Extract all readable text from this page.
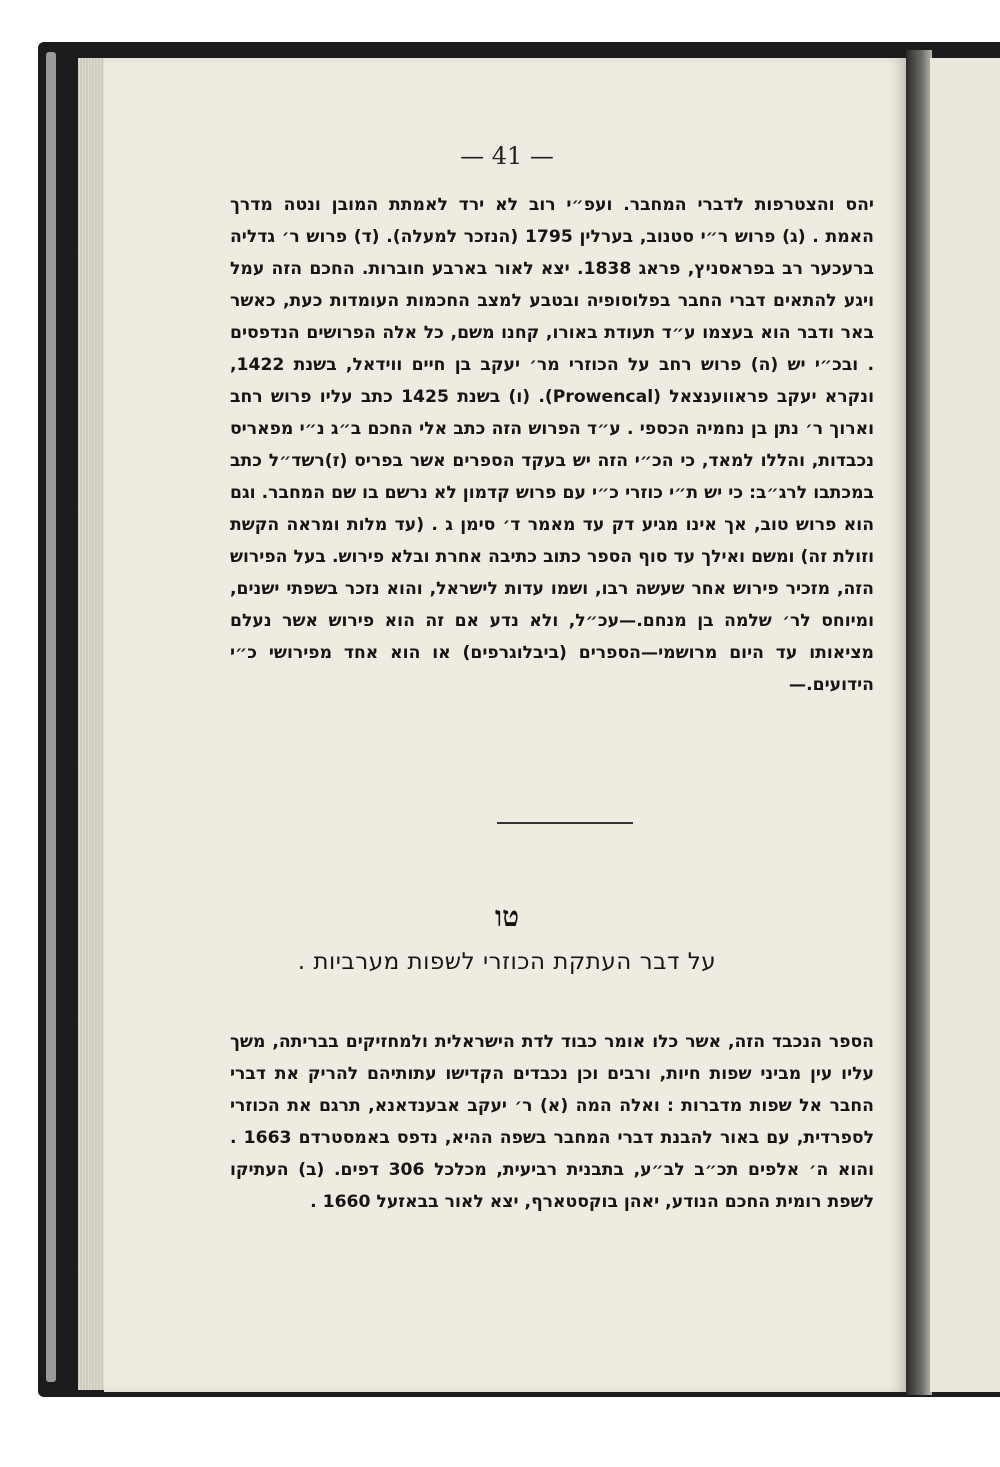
— 41 —
יהס והצטרפות לדברי המחבר. ועפ״י רוב לא ירד לאמתת המובן ונטה מדרך האמת . (ג) פרוש ר״י סטנוב, בערלין 1795 (הנזכר למעלה). (ד) פרוש ר׳ גדליה ברעכער רב בפראסניץ, פראג 1838. יצא לאור בארבע חוברות. החכם הזה עמל ויגע להתאים דברי החבר בפלוסופיה ובטבע למצב החכמות העומדות כעת, כאשר באר ודבר הוא בעצמו ע״ד תעודת באורו, קחנו משם, כל אלה הפרושים הנדפסים . ובכ״י יש (ה) פרוש רחב על הכוזרי מר׳ יעקב בן חיים ווידאל, בשנת 1422, ונקרא יעקב פראווענצאל (Prowencal). (ו) בשנת 1425 כתב עליו פרוש רחב וארוך ר׳ נתן בן נחמיה הכספי . ע״ד הפרוש הזה כתב אלי החכם ב״ג נ״י מפאריס נכבדות, והללו למאד, כי הכ״י הזה יש בעקד הספרים אשר בפריס (ז)רשד״ל כתב במכתבו לרג״ב: כי יש ת״י כוזרי כ״י עם פרוש קדמון לא נרשם בו שם המחבר. וגם הוא פרוש טוב, אך אינו מגיע דק עד מאמר ד׳ סימן ג . (עד מלות ומראה הקשת וזולת זה) ומשם ואילך עד סוף הספר כתוב כתיבה אחרת ובלא פירוש. בעל הפירוש הזה, מזכיר פירוש אחר שעשה רבו, ושמו עדות לישראל, והוא נזכר בשפתי ישנים, ומיוחס לר׳ שלמה בן מנחם.—עכ״ל, ולא נדע אם זה הוא פירוש אשר נעלם מציאותו עד היום מרושמי—הספרים (ביבלוגרפים) או הוא אחד מפירושי כ״י הידועים.—
טו
על דבר העתקת הכוזרי לשפות מערביות .
הספר הנכבד הזה, אשר כלו אומר כבוד לדת הישראלית ולמחזיקים בבריתה, משך עליו עין מביני שפות חיות, ורבים וכן נכבדים הקדישו עתותיהם להריק את דברי החבר אל שפות מדברות ׃ ואלה המה (א) ר׳ יעקב אבענדאנא, תרגם את הכוזרי לספרדית, עם באור להבנת דברי המחבר בשפה ההיא, נדפס באמסטרדם 1663 . והוא ה׳ אלפים תכ״ב לב״ע, בתבנית רביעית, מכלכל 306 דפים. (ב) העתיקו לשפת רומית החכם הנודע, יאהן בוקסטארף, יצא לאור בבאזעל 1660 .
